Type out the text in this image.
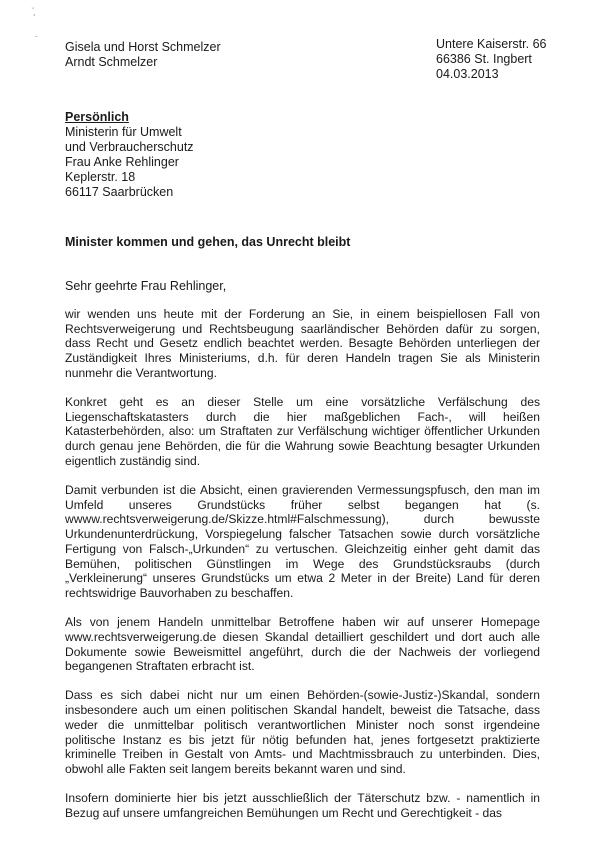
̆¸
ˉ
Gisela und Horst Schmelzer
Arndt Schmelzer
Untere Kaiserstr. 66
66386 St. Ingbert
04.03.2013
Persönlich
Ministerin für Umwelt
und Verbraucherschutz
Frau Anke Rehlinger
Keplerstr. 18
66117 Saarbrücken
Minister kommen und gehen, das Unrecht bleibt
Sehr geehrte Frau Rehlinger,

wir wenden uns heute mit der Forderung an Sie, in einem beispiellosen Fall von Rechtsverweigerung und Rechtsbeugung saarländischer Behörden dafür zu sorgen, dass Recht und Gesetz endlich beachtet werden. Besagte Behörden unterliegen der Zuständigkeit Ihres Ministeriums, d.h. für deren Handeln tragen Sie als Ministerin nunmehr die Verantwortung.

Konkret geht es an dieser Stelle um eine vorsätzliche Verfälschung des Liegenschaftskatasters durch die hier maßgeblichen Fach-, will heißen Katasterbehörden, also: um Straftaten zur Verfälschung wichtiger öffentlicher Urkunden durch genau jene Behörden, die für die Wahrung sowie Beachtung besagter Urkunden eigentlich zuständig sind.

Damit verbunden ist die Absicht, einen gravierenden Vermessungspfusch, den man im Umfeld unseres Grundstücks früher selbst begangen hat (s. wwww.rechtsverweigerung.de/Skizze.html#Falschmessung), durch bewusste Urkundenunterdrückung, Vorspiegelung falscher Tatsachen sowie durch vorsätzliche Fertigung von Falsch-„Urkunden“ zu vertuschen. Gleichzeitig einher geht damit das Bemühen, politischen Günstlingen im Wege des Grundstücksraubs (durch „Verkleinerung“ unseres Grundstücks um etwa 2 Meter in der Breite) Land für deren rechtswidrige Bauvorhaben zu beschaffen.

Als von jenem Handeln unmittelbar Betroffene haben wir auf unserer Homepage www.rechtsverweigerung.de diesen Skandal detailliert geschildert und dort auch alle Dokumente sowie Beweismittel angeführt, durch die der Nachweis der vorliegend begangenen Straftaten erbracht ist.

Dass es sich dabei nicht nur um einen Behörden-(sowie-Justiz-)Skandal, sondern insbesondere auch um einen politischen Skandal handelt, beweist die Tatsache, dass weder die unmittelbar politisch verantwortlichen Minister noch sonst irgendeine politische Instanz es bis jetzt für nötig befunden hat, jenes fortgesetzt praktizierte kriminelle Treiben in Gestalt von Amts- und Machtmissbrauch zu unterbinden. Dies, obwohl alle Fakten seit langem bereits bekannt waren und sind.

Insofern dominierte hier bis jetzt ausschließlich der Täterschutz bzw. - namentlich in Bezug auf unsere umfangreichen Bemühungen um Recht und Gerechtigkeit - das
